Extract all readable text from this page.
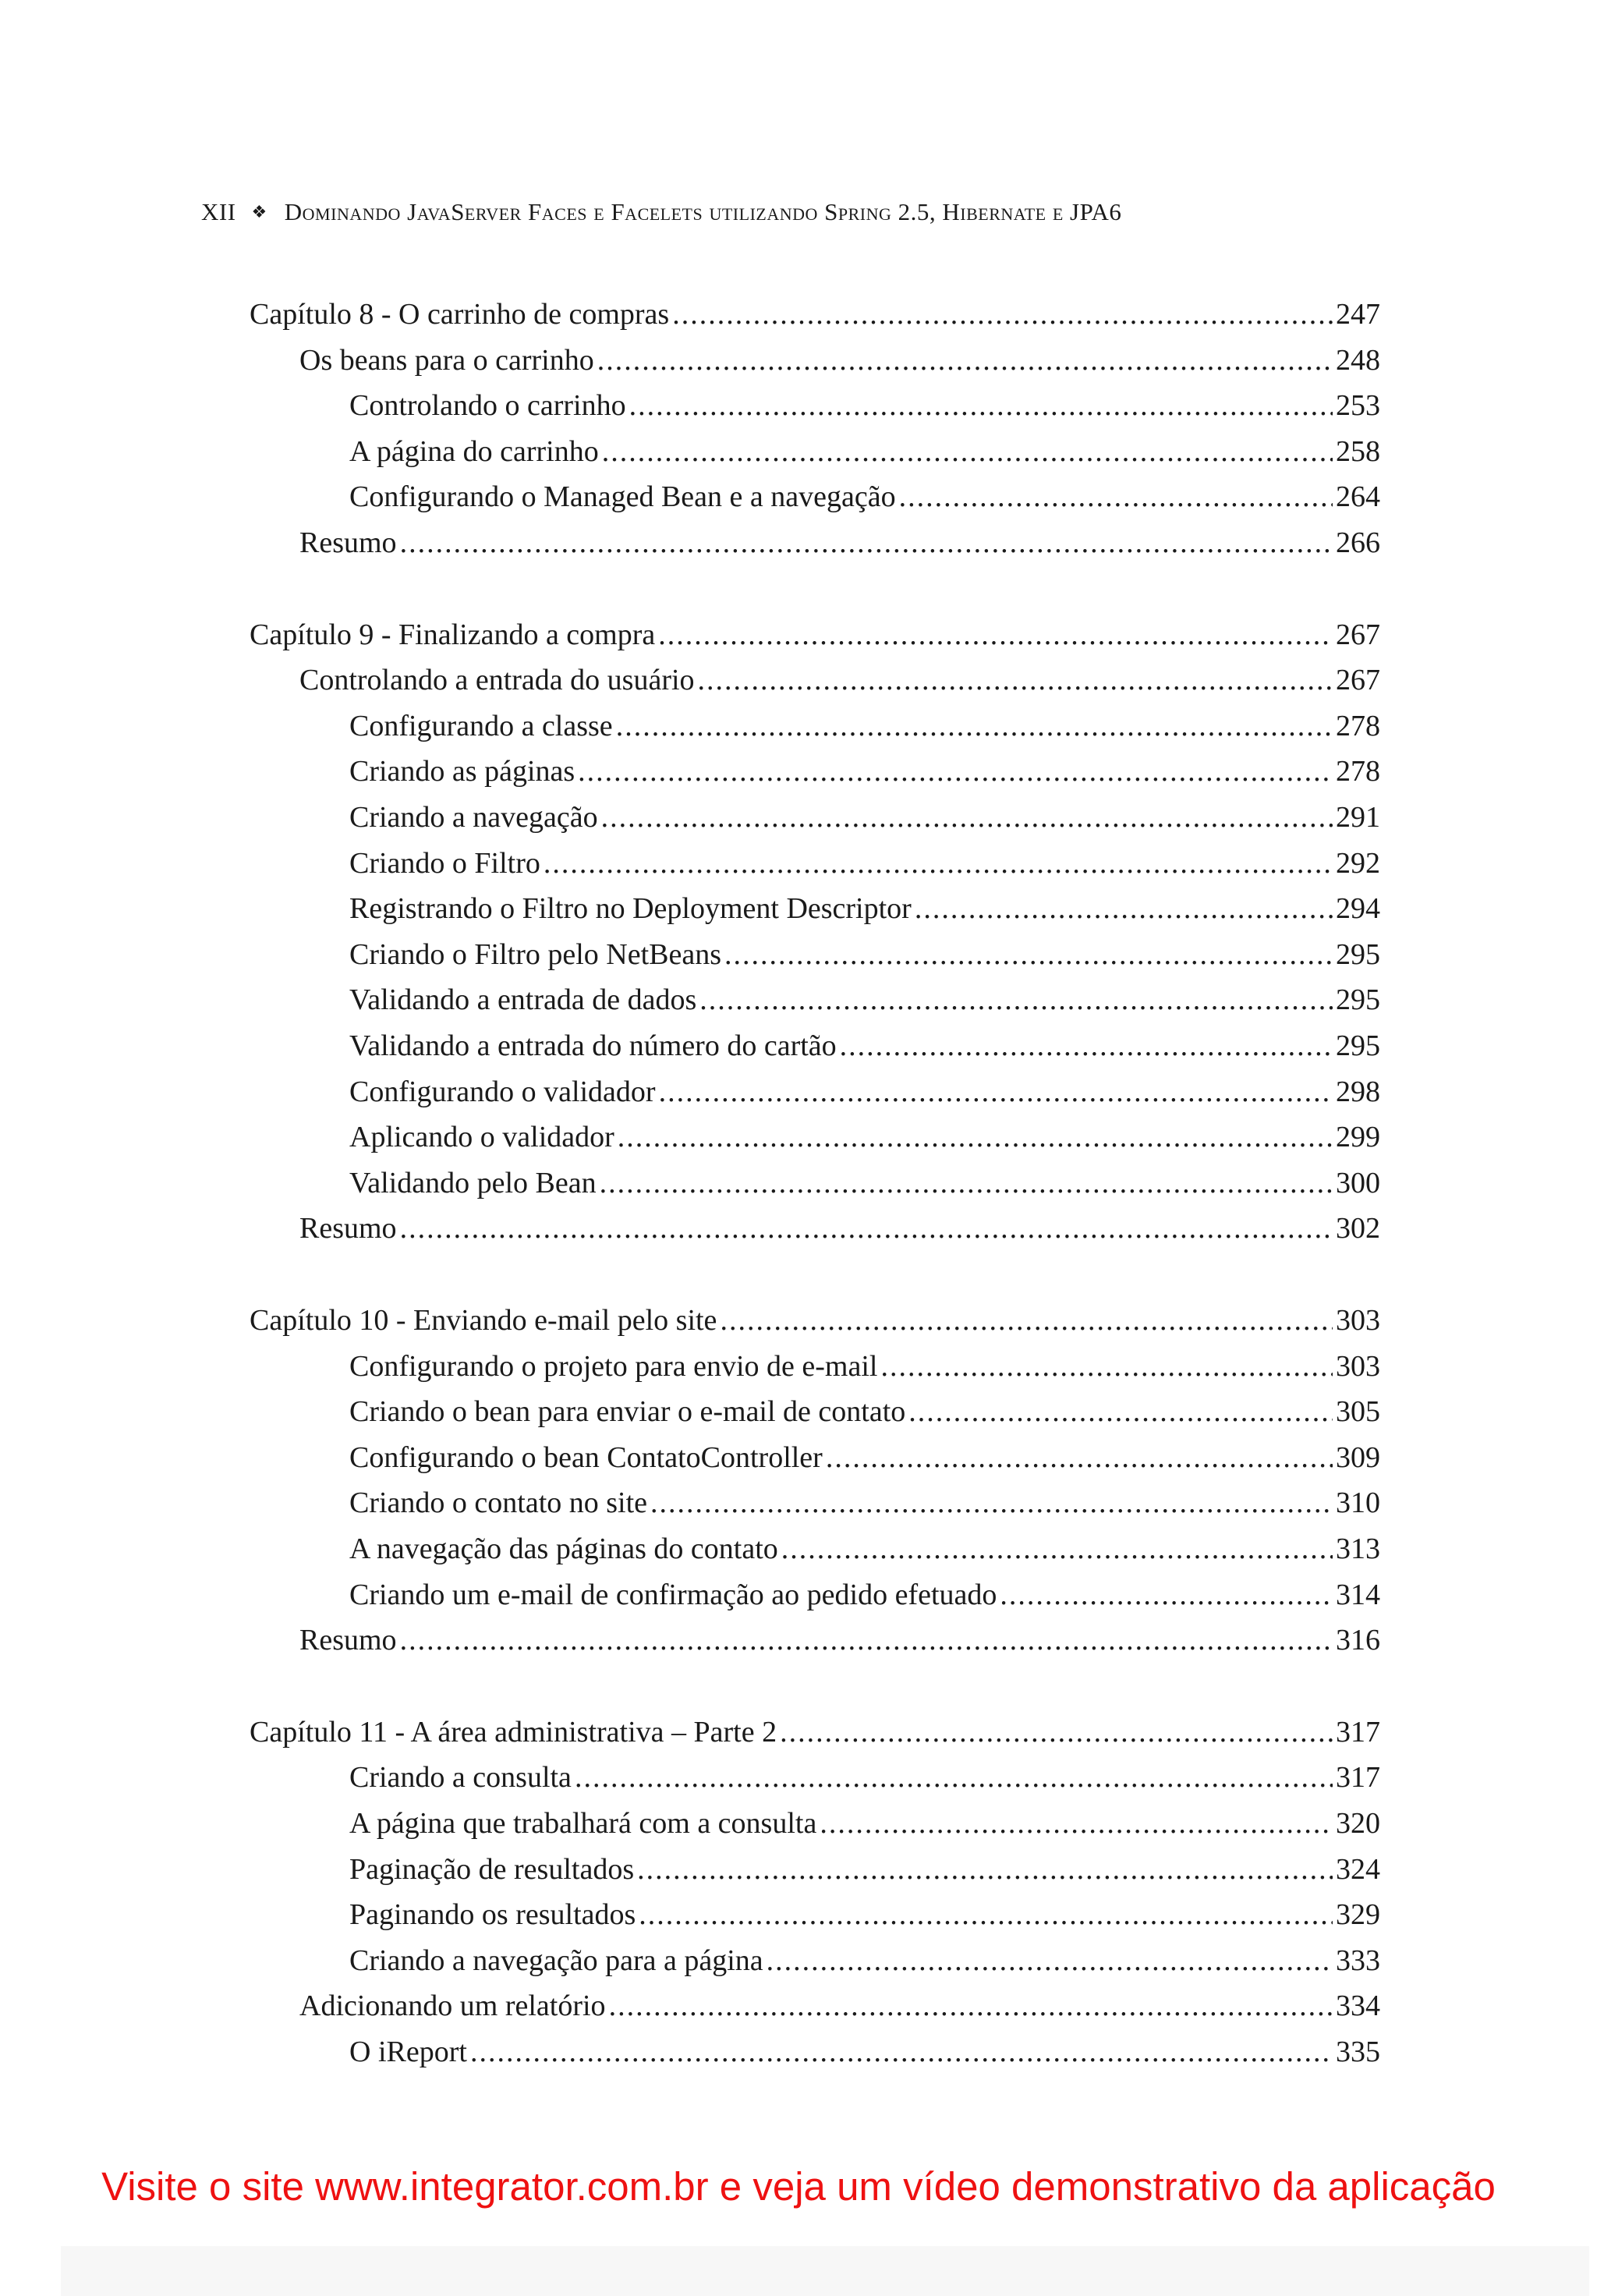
XII ❖ Dominando JavaServer Faces e Facelets utilizando Spring 2.5, Hibernate e JPA6
Capítulo 8 - O carrinho de compras .....	247
Os beans para o carrinho .....	248
Controlando o carrinho .....	253
A página do carrinho .....	258
Configurando o Managed Bean e a navegação .....	264
Resumo .....	266
Capítulo 9 - Finalizando a compra .....	267
Controlando a entrada do usuário .....	267
Configurando a classe .....	278
Criando as páginas .....	278
Criando a navegação .....	291
Criando o Filtro .....	292
Registrando o Filtro no Deployment Descriptor .....	294
Criando o Filtro pelo NetBeans .....	295
Validando a entrada de dados .....	295
Validando a entrada do número do cartão .....	295
Configurando o validador .....	298
Aplicando o validador .....	299
Validando pelo Bean .....	300
Resumo .....	302
Capítulo 10 - Enviando e-mail pelo site .....	303
Configurando o projeto para envio de e-mail .....	303
Criando o bean para enviar o e-mail de contato .....	305
Configurando o bean ContatoController .....	309
Criando o contato no site .....	310
A navegação das páginas do contato .....	313
Criando um e-mail de confirmação ao pedido efetuado .....	314
Resumo .....	316
Capítulo 11 - A área administrativa – Parte 2 .....	317
Criando a consulta .....	317
A página que trabalhará com a consulta .....	320
Paginação de resultados .....	324
Paginando os resultados .....	329
Criando a navegação para a página .....	333
Adicionando um relatório .....	334
O iReport .....	335
Visite o site www.integrator.com.br e veja um vídeo demonstrativo da aplicação
